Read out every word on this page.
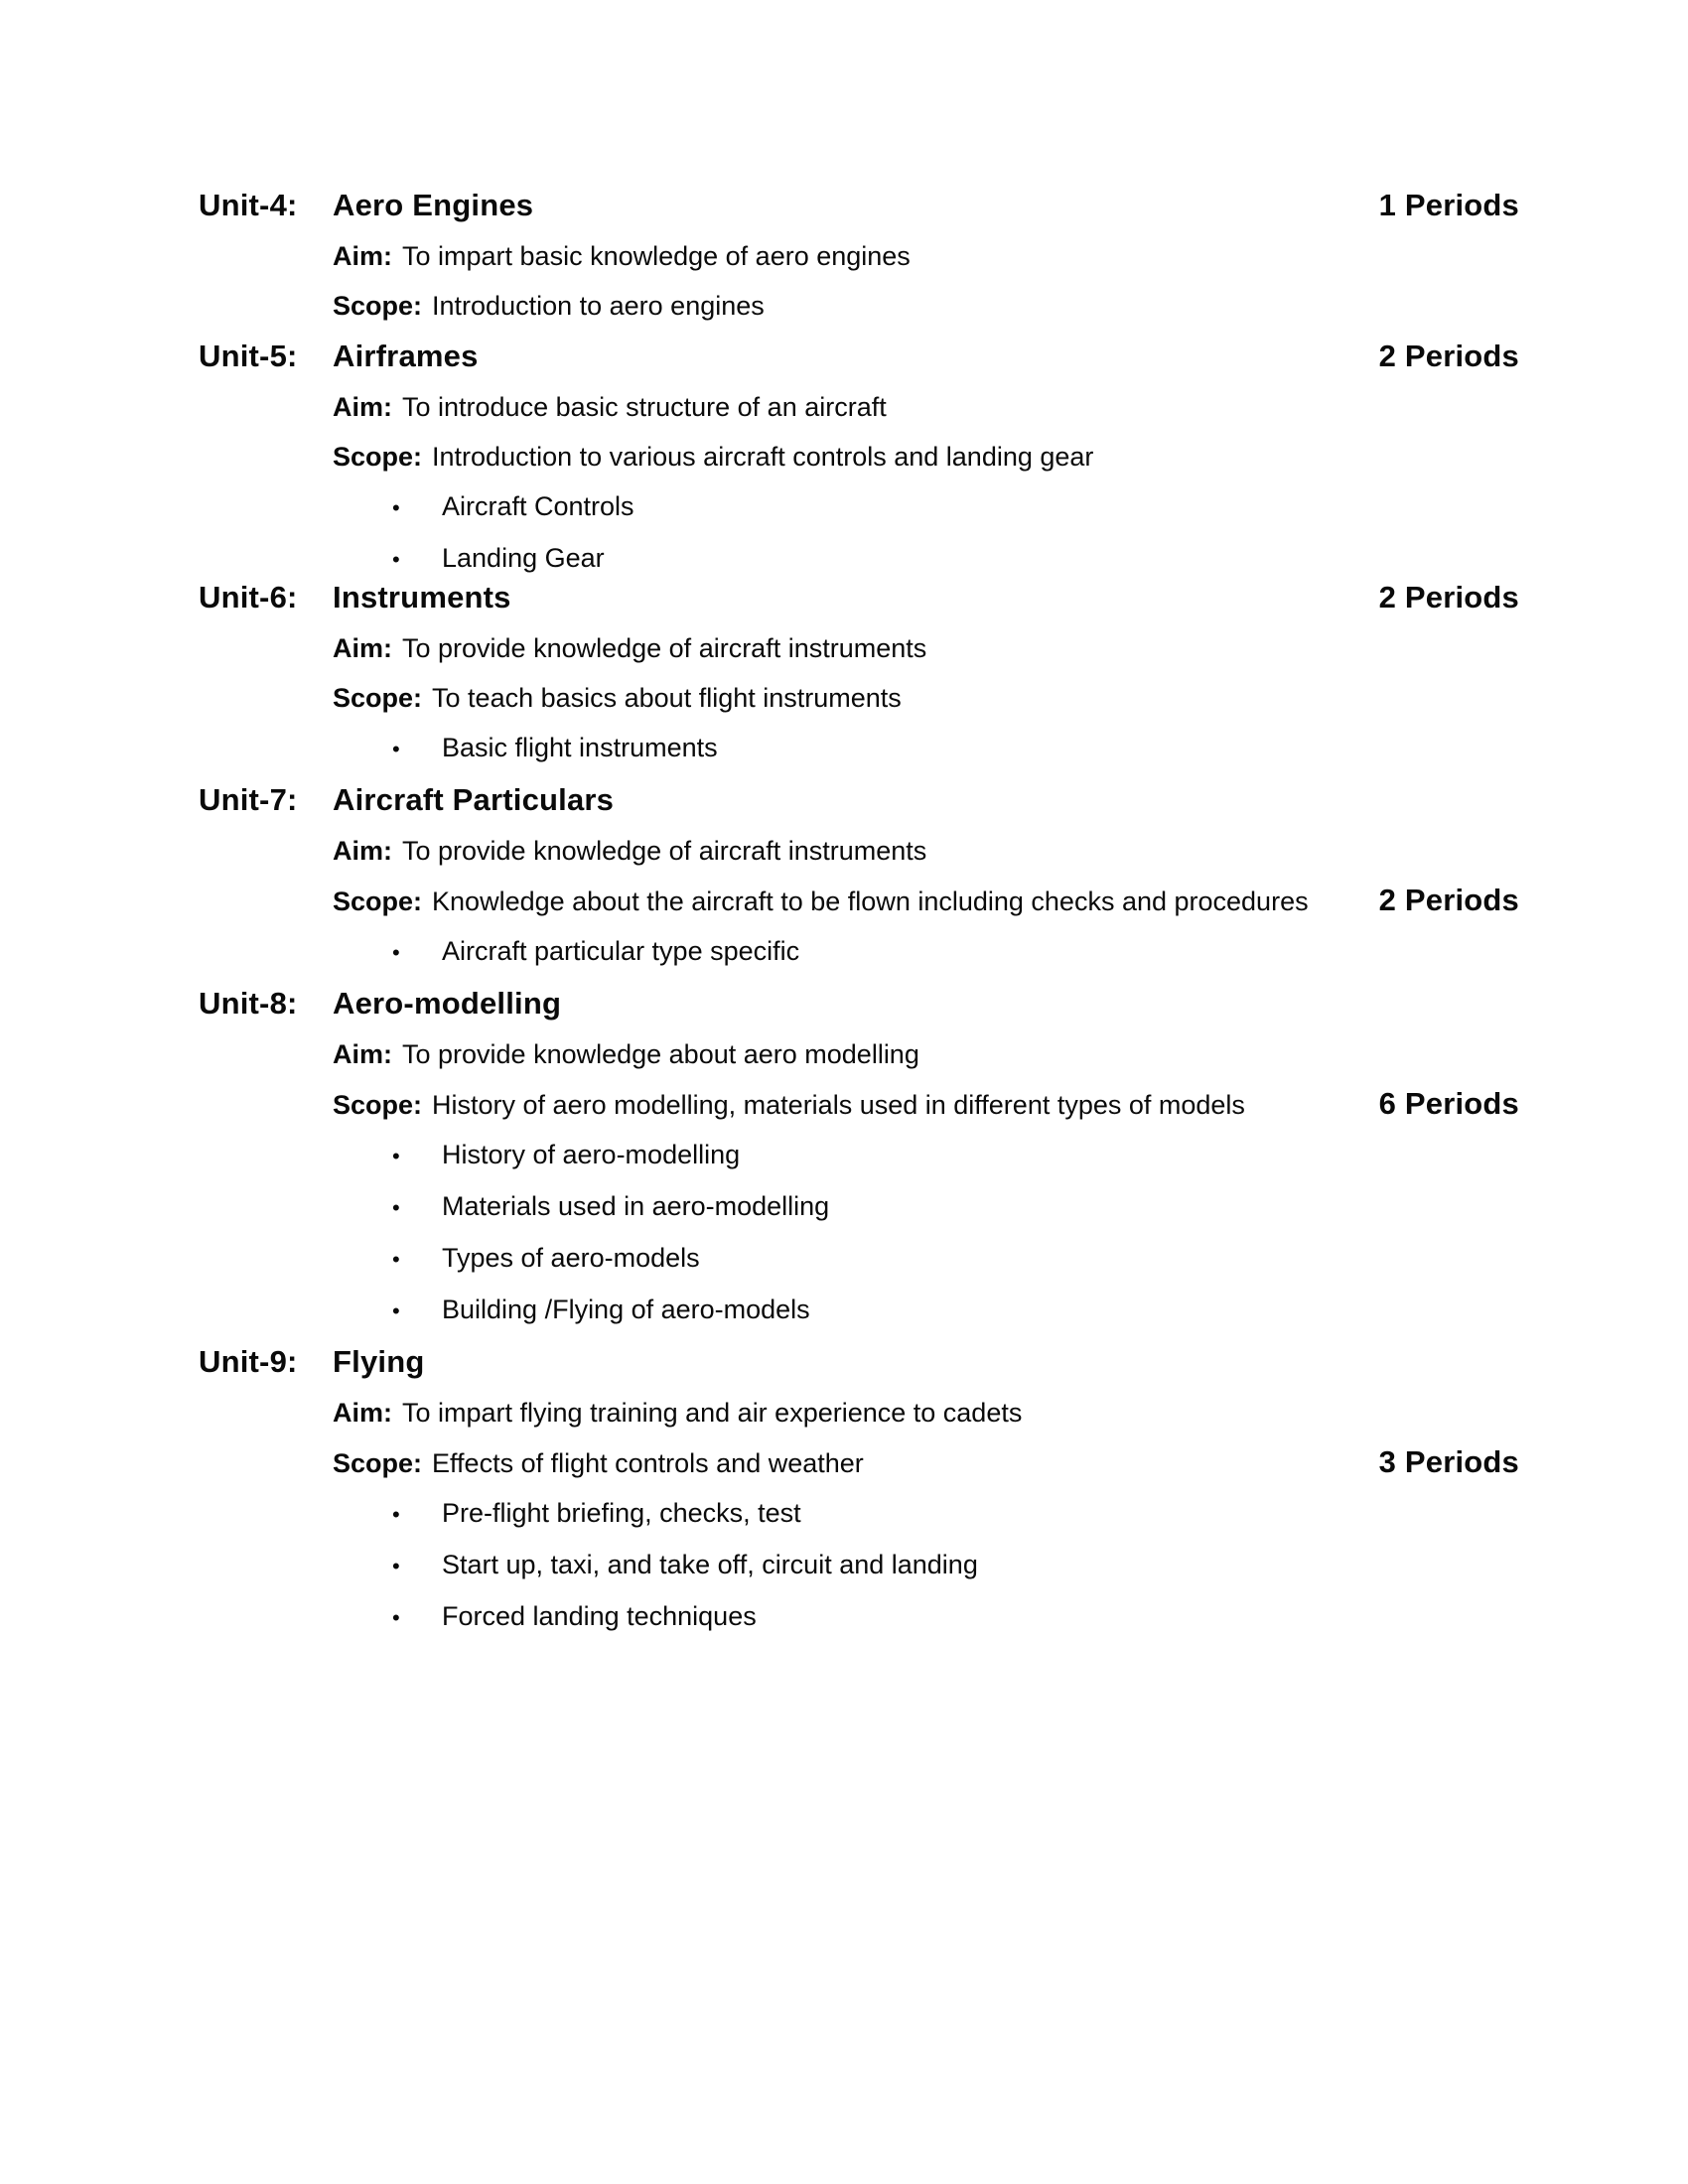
Unit-4:	Aero Engines	1 Periods
Aim: To impart basic knowledge of aero engines
Scope: Introduction to aero engines
Unit-5:	Airframes	2 Periods
Aim: To introduce basic structure of an aircraft
Scope: Introduction to various aircraft controls and landing gear
•	Aircraft Controls
•	Landing Gear
Unit-6:	Instruments	2 Periods
Aim: To provide knowledge of aircraft instruments
Scope: To teach basics about flight instruments
•	Basic flight instruments
Unit-7:	Aircraft Particulars
Aim: To provide knowledge of aircraft instruments
Scope: Knowledge about the aircraft to be flown including checks and procedures	2 Periods
•	Aircraft particular type specific
Unit-8:	Aero-modelling
Aim: To provide knowledge about aero modelling
Scope: History of aero modelling, materials used in different types of models	6 Periods
•	History of aero-modelling
•	Materials used in aero-modelling
•	Types of aero-models
•	Building /Flying of aero-models
Unit-9:	Flying
Aim: To impart flying training and air experience to cadets
Scope: Effects of flight controls and weather	3 Periods
•	Pre-flight briefing, checks, test
•	Start up, taxi, and take off, circuit and landing
•	Forced landing techniques
